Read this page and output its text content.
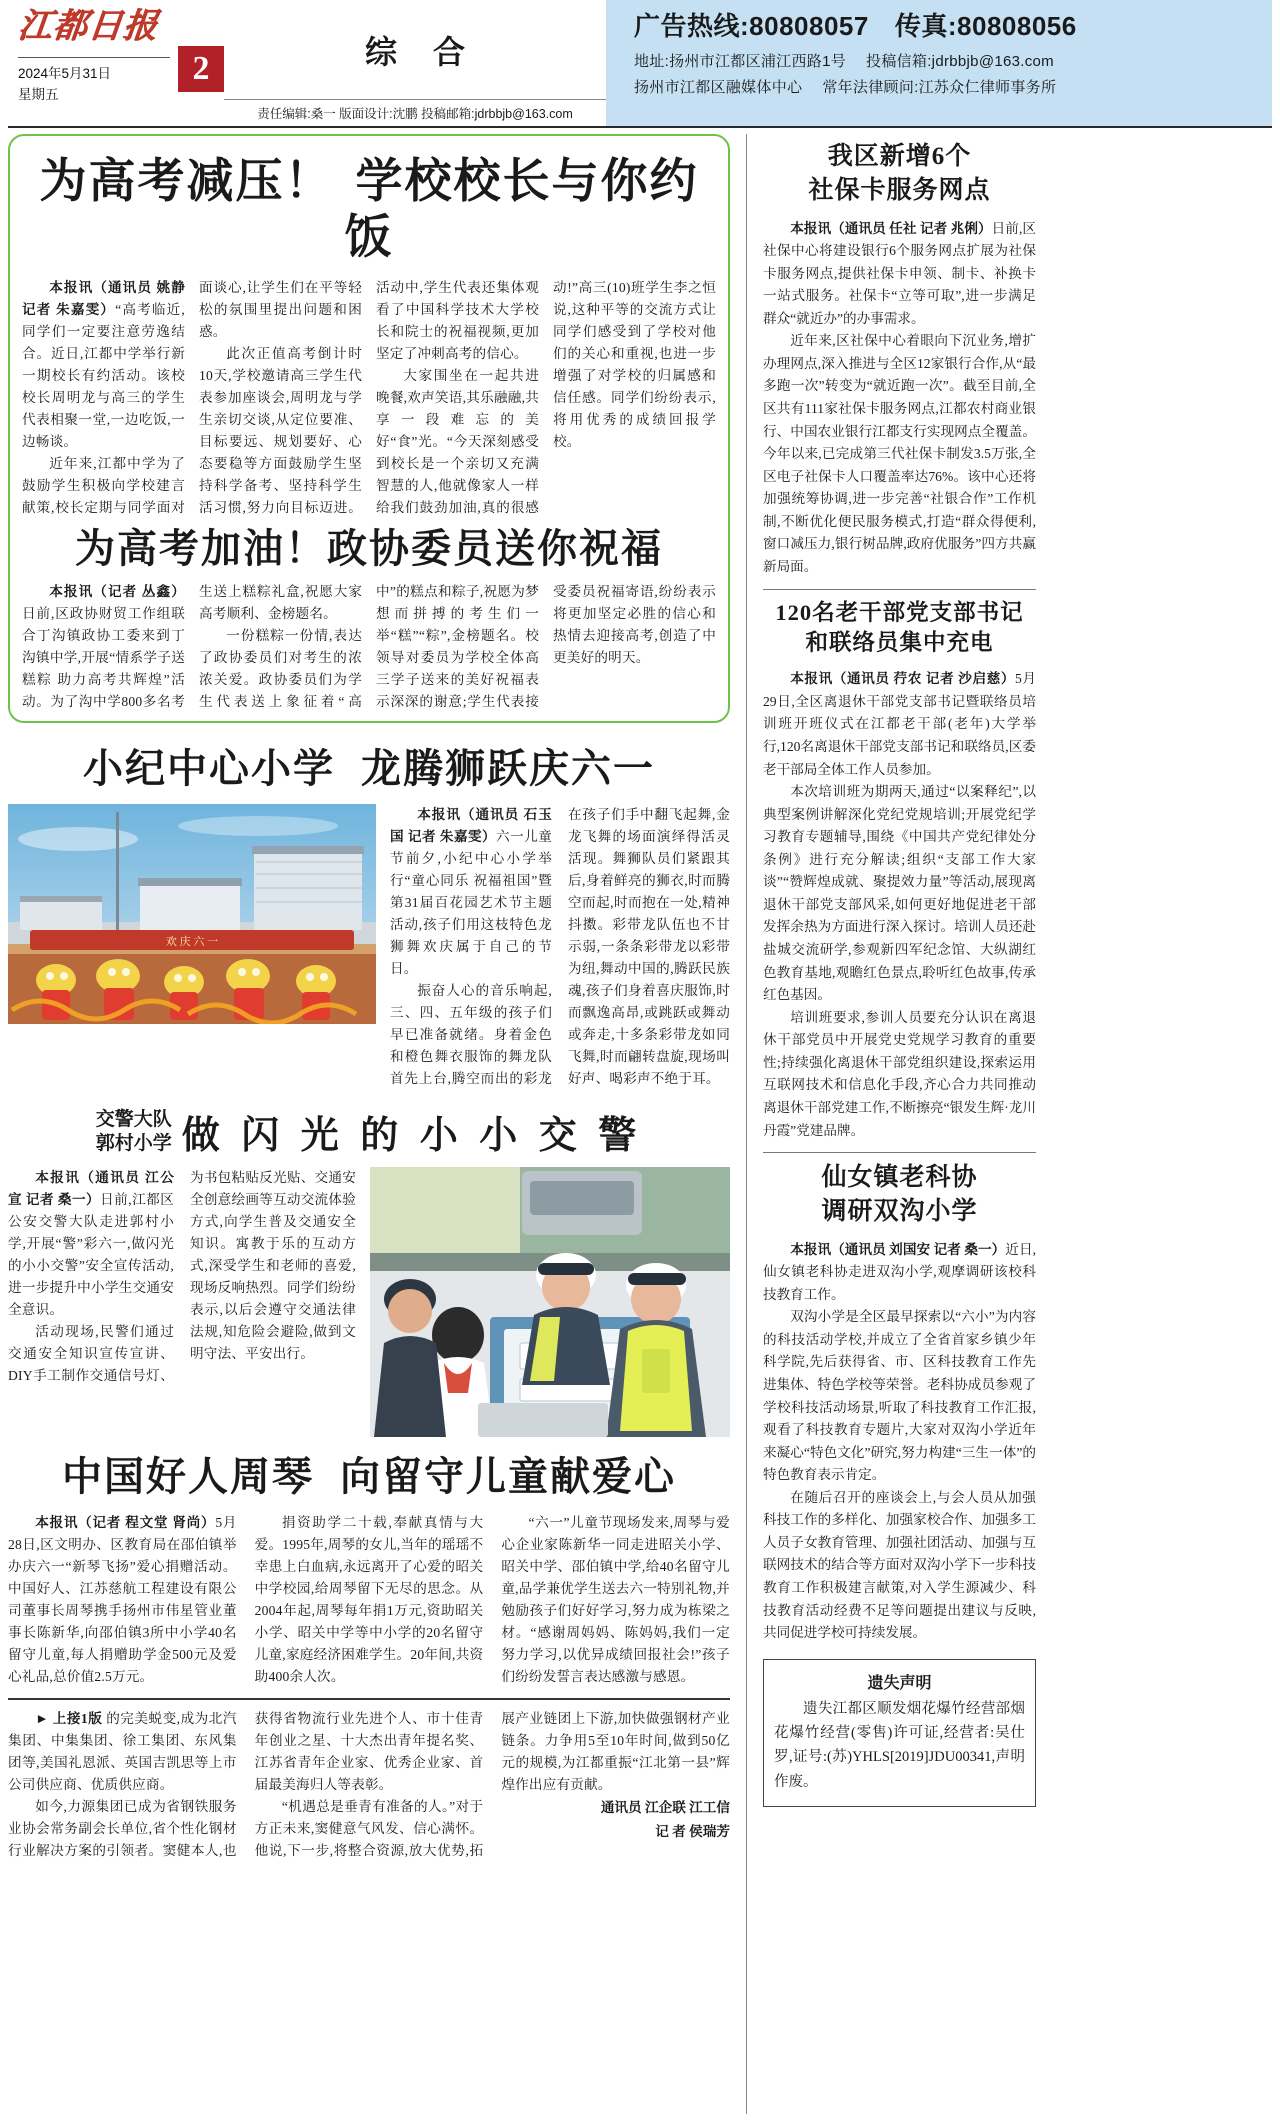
江都日报
2024年5月31日
星期五
2	综 合
责任编辑:桑一 版面设计:沈鹏 投稿邮箱:jdrbbjb@163.com
广告热线:80808057 传真:80808056
地址:扬州市江都区浦江西路1号 投稿信箱:jdrbbjb@163.com
扬州市江都区融媒体中心 常年法律顾问:江苏众仁律师事务所
为高考减压！ 学校校长与你约饭

本报讯（通讯员 姚静 记者 朱嘉雯）“高考临近,同学们一定要注意劳逸结合。近日,江都中学举行新一期校长有约活动。该校校长周明龙与高三的学生代表相聚一堂,一边吃饭,一边畅谈。

近年来,江都中学为了鼓励学生积极向学校建言献策,校长定期与同学面对面谈心,让学生们在平等轻松的氛围里提出问题和困惑。

此次正值高考倒计时10天,学校邀请高三学生代表参加座谈会,周明龙与学生亲切交谈,从定位要准、目标要远、规划要好、心态要稳等方面鼓励学生坚持科学备考、坚持科学生活习惯,努力向目标迈进。活动中,学生代表还集体观看了中国科学技术大学校长和院士的祝福视频,更加坚定了冲刺高考的信心。

大家围坐在一起共进晚餐,欢声笑语,其乐融融,共享一段难忘的美好“食”光。“今天深刻感受到校长是一个亲切又充满智慧的人,他就像家人一样给我们鼓劲加油,真的很感动!”高三(10)班学生李之恒说,这种平等的交流方式让同学们感受到了学校对他们的关心和重视,也进一步增强了对学校的归属感和信任感。同学们纷纷表示,将用优秀的成绩回报学校。

为高考加油！政协委员送你祝福

本报讯（记者 丛鑫）日前,区政协财贸工作组联合丁沟镇政协工委来到丁沟镇中学,开展“情系学子送糕粽 助力高考共辉煌”活动。为了沟中学800多名考生送上糕粽礼盒,祝愿大家高考顺利、金榜题名。

一份糕粽一份情,表达了政协委员们对考生的浓浓关爱。政协委员们为学生代表送上象征着“高中”的糕点和粽子,祝愿为梦想而拼搏的考生们一举“糕”“粽”,金榜题名。校领导对委员为学校全体高三学子送来的美好祝福表示深深的谢意;学生代表接受委员祝福寄语,纷纷表示将更加坚定必胜的信心和热情去迎接高考,创造了中更美好的明天。

小纪中心小学 龙腾狮跃庆六一
欢 庆 六 一

本报讯（通讯员 石玉国 记者 朱嘉雯）六一儿童节前夕,小纪中心小学举行“童心同乐 祝福祖国”暨第31届百花园艺术节主题活动,孩子们用这枝特色龙狮舞欢庆属于自己的节日。

振奋人心的音乐响起,三、四、五年级的孩子们早已准备就绪。身着金色和橙色舞衣服饰的舞龙队首先上台,腾空而出的彩龙在孩子们手中翻飞起舞,金龙飞舞的场面演绎得活灵活现。舞狮队员们紧跟其后,身着鲜亮的狮衣,时而腾空而起,时而抱在一处,精神抖擞。彩带龙队伍也不甘示弱,一条条彩带龙以彩带为纽,舞动中国的,腾跃民族魂,孩子们身着喜庆服饰,时而飘逸高昂,或跳跃或舞动或奔走,十多条彩带龙如同飞舞,时而翩转盘旋,现场叫好声、喝彩声不绝于耳。

交警大队
郭村小学 做 闪 光 的 小 小 交 警

本报讯（通讯员 江公宣 记者 桑一）日前,江都区公安交警大队走进郭村小学,开展“警”彩六一,做闪光的小小交警”安全宣传活动,进一步提升中小学生交通安全意识。

活动现场,民警们通过交通安全知识宣传宣讲、DIY手工制作交通信号灯、为书包粘贴反光贴、交通安全创意绘画等互动交流体验方式,向学生普及交通安全知识。寓教于乐的互动方式,深受学生和老师的喜爱,现场反响热烈。同学们纷纷表示,以后会遵守交通法律法规,知危险会避险,做到文明守法、平安出行。

中国好人周琴 向留守儿童献爱心

本报讯（记者 程文堂 肾尚）5月28日,区文明办、区教育局在邵伯镇举办庆六一“新琴飞扬”爱心捐赠活动。中国好人、江苏慈航工程建设有限公司董事长周琴携手扬州市伟星管业董事长陈新华,向邵伯镇3所中小学40名留守儿童,每人捐赠助学金500元及爱心礼品,总价值2.5万元。

捐资助学二十载,奉献真情与大爱。1995年,周琴的女儿,当年的瑶瑶不幸患上白血病,永远离开了心爱的昭关中学校园,给周琴留下无尽的思念。从2004年起,周琴每年捐1万元,资助昭关小学、昭关中学等中小学的20名留守儿童,家庭经济困难学生。20年间,共资助400余人次。

“六一”儿童节现场发来,周琴与爱心企业家陈新华一同走进昭关小学、昭关中学、邵伯镇中学,给40名留守儿童,品学兼优学生送去六一特别礼物,并勉励孩子们好好学习,努力成为栋梁之材。“感谢周妈妈、陈妈妈,我们一定努力学习,以优异成绩回报社会!”孩子们纷纷发誓言表达感激与感恩。

► 上接1版 的完美蜕变,成为北汽集团、中集集团、徐工集团、东风集团等,美国礼恩派、英国吉凯思等上市公司供应商、优质供应商。

如今,力源集团已成为省钢铁服务业协会常务副会长单位,省个性化钢材行业解决方案的引领者。窦健本人,也获得省物流行业先进个人、市十佳青年创业之星、十大杰出青年提名奖、江苏省青年企业家、优秀企业家、首届最美海归人等表彰。

“机遇总是垂青有准备的人。”对于方正未来,窦健意气风发、信心满怀。他说,下一步,将整合资源,放大优势,拓展产业链团上下游,加快做强钢材产业链条。力争用5至10年时间,做到50亿元的规模,为江都重振“江北第一县”辉煌作出应有贡献。

通讯员 江企联 江工信
记 者 侯瑞芳
我区新增6个
社保卡服务网点

本报讯（通讯员 任社 记者 兆俐）日前,区社保中心将建设银行6个服务网点扩展为社保卡服务网点,提供社保卡申领、制卡、补换卡一站式服务。社保卡“立等可取”,进一步满足群众“就近办”的办事需求。

近年来,区社保中心着眼向下沉业务,增扩办理网点,深入推进与全区12家银行合作,从“最多跑一次”转变为“就近跑一次”。截至目前,全区共有111家社保卡服务网点,江都农村商业银行、中国农业银行江都支行实现网点全覆盖。今年以来,已完成第三代社保卡制发3.5万张,全区电子社保卡人口覆盖率达76%。该中心还将加强统筹协调,进一步完善“社银合作”工作机制,不断优化便民服务模式,打造“群众得便利,窗口减压力,银行树品牌,政府优服务”四方共赢新局面。

120名老干部党支部书记
和联络员集中充电

本报讯（通讯员 荇农 记者 沙启慈）5月29日,全区离退休干部党支部书记暨联络员培训班开班仪式在江都老干部(老年)大学举行,120名离退休干部党支部书记和联络员,区委老干部局全体工作人员参加。

本次培训班为期两天,通过“以案释纪”,以典型案例讲解深化党纪党规培训;开展党纪学习教育专题辅导,围绕《中国共产党纪律处分条例》进行充分解读;组织“支部工作大家谈”“赞辉煌成就、聚提效力量”等活动,展现离退休干部党支部风采,如何更好地促进老干部发挥余热为方面进行深入探讨。培训人员还赴盐城交流研学,参观新四军纪念馆、大纵湖红色教育基地,观瞻红色景点,聆听红色故事,传承红色基因。

培训班要求,参训人员要充分认识在离退休干部党员中开展党史党规学习教育的重要性;持续强化离退休干部党组织建设,探索运用互联网技术和信息化手段,齐心合力共同推动离退休干部党建工作,不断擦亮“银发生辉·龙川丹霞”党建品牌。

仙女镇老科协
调研双沟小学

本报讯（通讯员 刘国安 记者 桑一）近日,仙女镇老科协走进双沟小学,观摩调研该校科技教育工作。

双沟小学是全区最早探索以“六小”为内容的科技活动学校,并成立了全省首家乡镇少年科学院,先后获得省、市、区科技教育工作先进集体、特色学校等荣誉。老科协成员参观了学校科技活动场景,听取了科技教育工作汇报,观看了科技教育专题片,大家对双沟小学近年来凝心“特色文化”研究,努力构建“三生一体”的特色教育表示肯定。

在随后召开的座谈会上,与会人员从加强科技工作的多样化、加强家校合作、加强多工人员子女教育管理、加强社团活动、加强与互联网技术的结合等方面对双沟小学下一步科技教育工作积极建言献策,对入学生源减少、科技教育活动经费不足等问题提出建议与反映,共同促进学校可持续发展。

遗失声明
遗失江都区顺发烟花爆竹经营部烟花爆竹经营(零售)许可证,经营者:吴仕罗,证号:(苏)YHLS[2019]JDU00341,声明作废。
